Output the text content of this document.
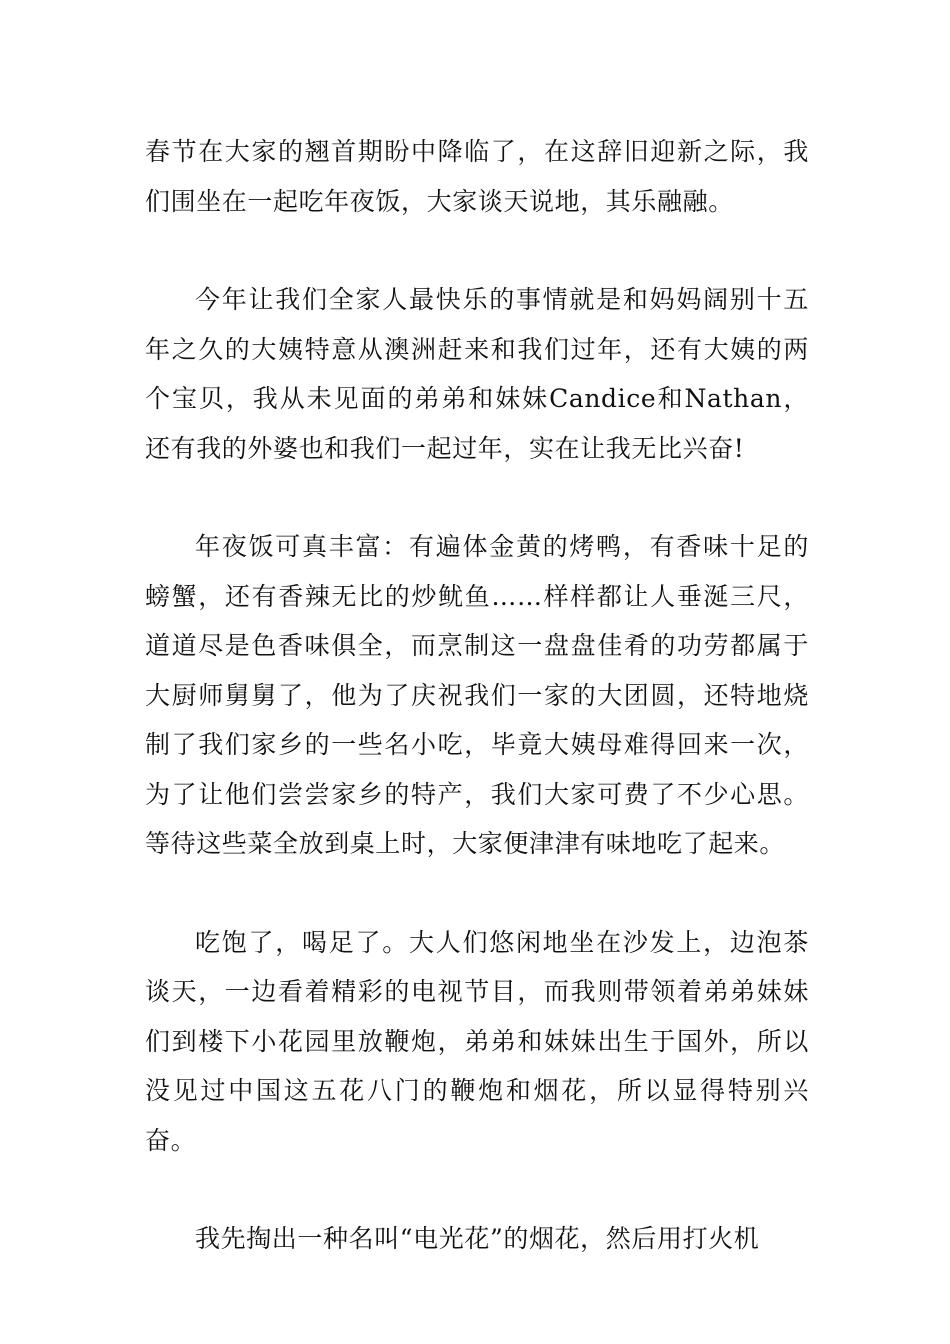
春节在大家的翘首期盼中降临了，在这辞旧迎新之际，我们围坐在一起吃年夜饭，大家谈天说地，其乐融融。

今年让我们全家人最快乐的事情就是和妈妈阔别十五年之久的大姨特意从澳洲赶来和我们过年，还有大姨的两个宝贝，我从未见面的弟弟和妹妹Candice和Nathan，还有我的外婆也和我们一起过年，实在让我无比兴奋!

年夜饭可真丰富：有遍体金黄的烤鸭，有香味十足的螃蟹，还有香辣无比的炒鱿鱼……样样都让人垂涎三尺，道道尽是色香味俱全，而烹制这一盘盘佳肴的功劳都属于大厨师舅舅了，他为了庆祝我们一家的大团圆，还特地烧制了我们家乡的一些名小吃，毕竟大姨母难得回来一次，为了让他们尝尝家乡的特产，我们大家可费了不少心思。等待这些菜全放到桌上时，大家便津津有味地吃了起来。

吃饱了，喝足了。大人们悠闲地坐在沙发上，边泡茶谈天，一边看着精彩的电视节目，而我则带领着弟弟妹妹们到楼下小花园里放鞭炮，弟弟和妹妹出生于国外，所以没见过中国这五花八门的鞭炮和烟花，所以显得特别兴奋。

我先掏出一种名叫“电光花”的烟花，然后用打火机
